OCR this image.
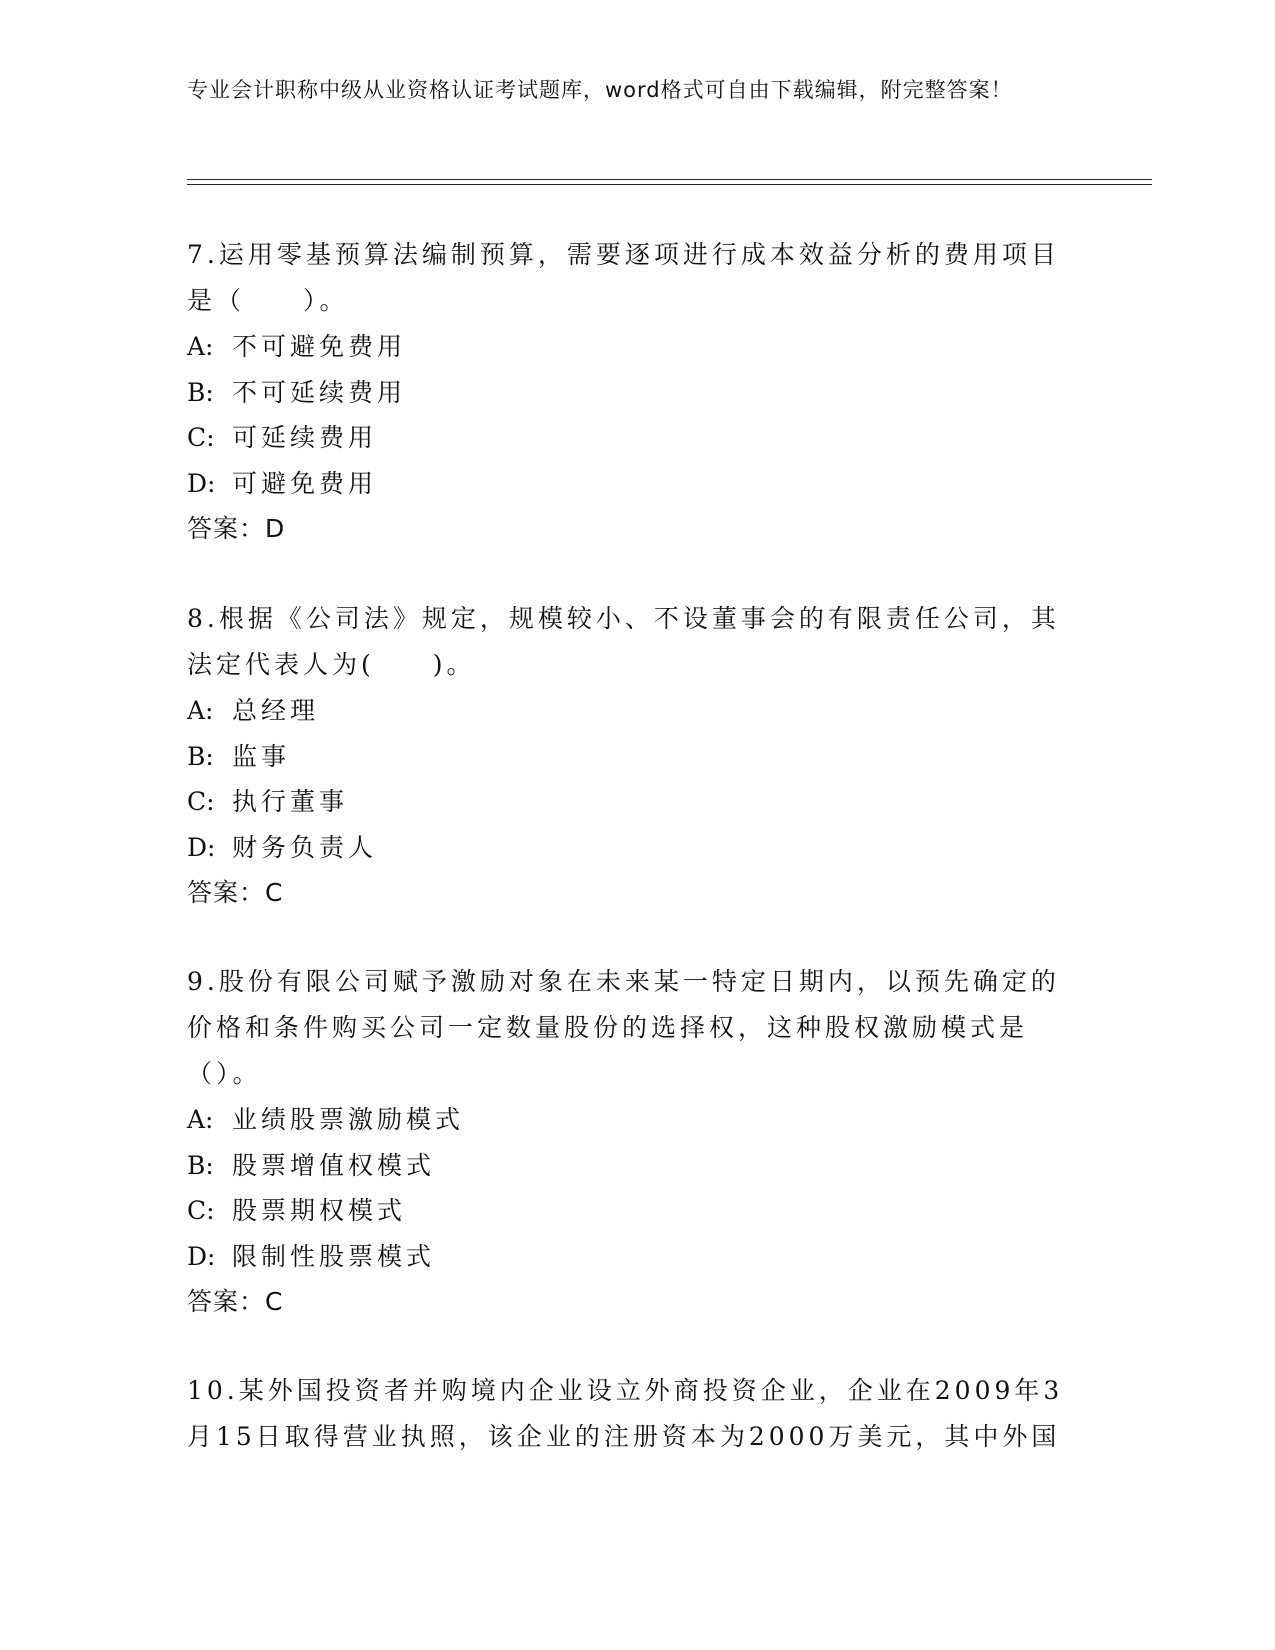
专业会计职称中级从业资格认证考试题库，word格式可自由下载编辑，附完整答案！

7.运用零基预算法编制预算，需要逐项进行成本效益分析的费用项目是（　　）。

A: 不可避免费用

B: 不可延续费用

C: 可延续费用

D: 可避免费用

答案：D

8.根据《公司法》规定，规模较小、不设董事会的有限责任公司，其法定代表人为(　　)。

A: 总经理

B: 监事

C: 执行董事

D: 财务负责人

答案：C

9.股份有限公司赋予激励对象在未来某一特定日期内，以预先确定的价格和条件购买公司一定数量股份的选择权，这种股权激励模式是（）。

A: 业绩股票激励模式

B: 股票增值权模式

C: 股票期权模式

D: 限制性股票模式

答案：C

10.某外国投资者并购境内企业设立外商投资企业，企业在2009年3月15日取得营业执照，该企业的注册资本为2000万美元，其中外国
